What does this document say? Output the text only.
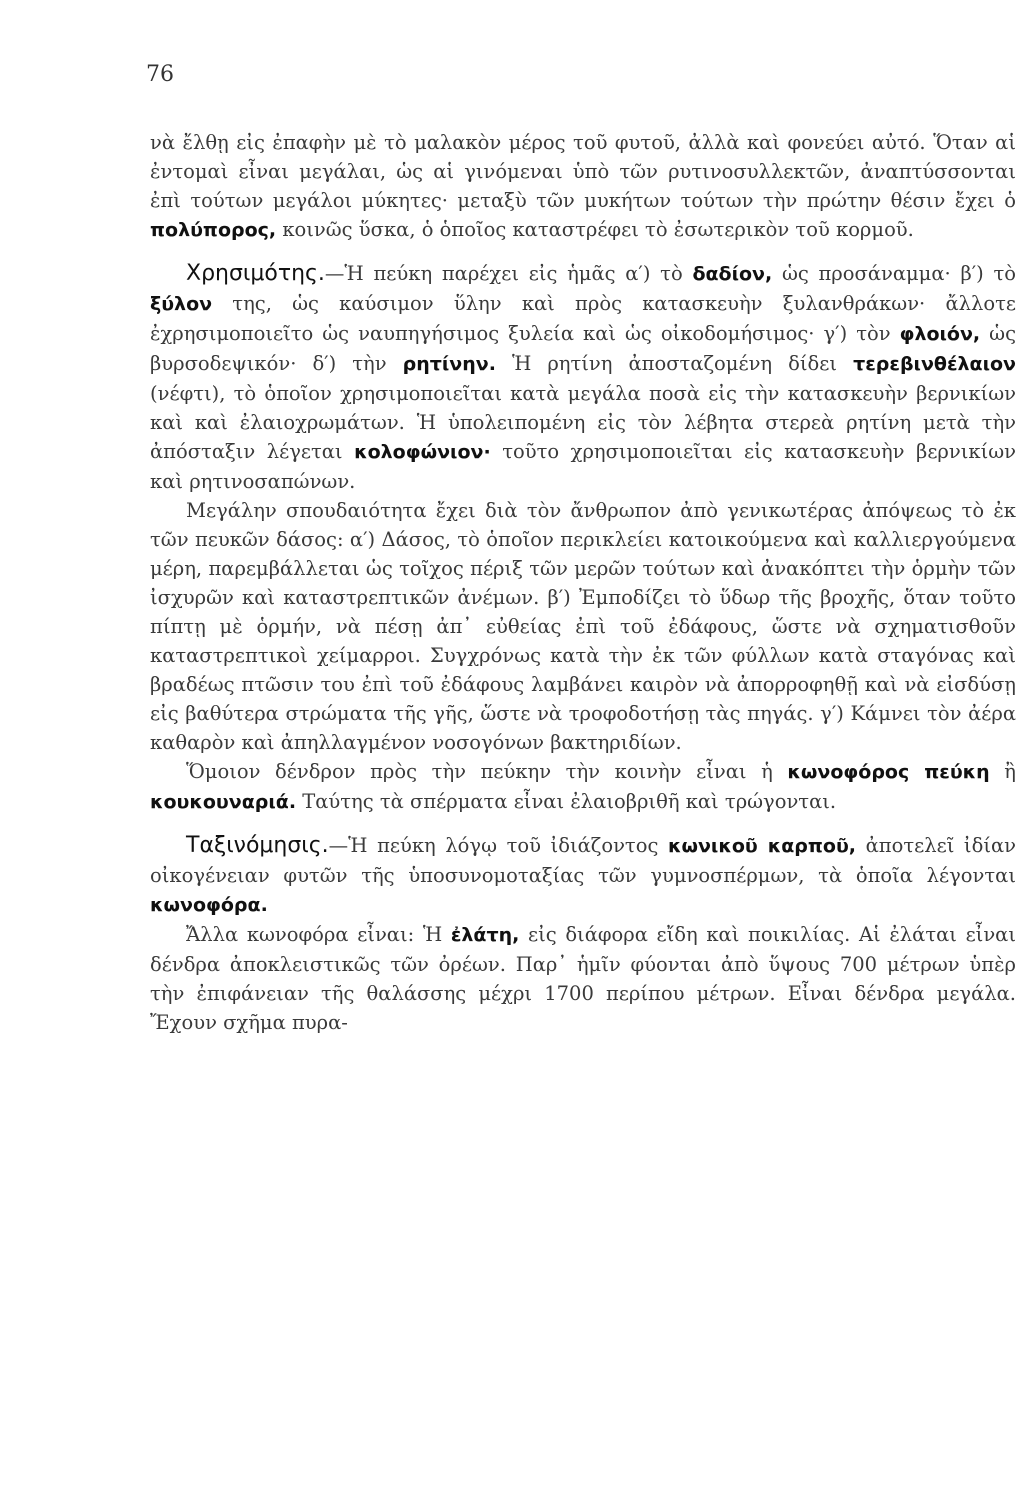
76

νὰ ἔλθῃ εἰς ἐπαφὴν μὲ τὸ μαλακὸν μέρος τοῦ φυτοῦ, ἀλλὰ καὶ φονεύει αὐτό. Ὅταν αἱ ἐντομαὶ εἶναι μεγάλαι, ὡς αἱ γινόμεναι ὑπὸ τῶν ρυτινοσυλλεκτῶν, ἀναπτύσσονται ἐπὶ τούτων μεγάλοι μύκητες· μεταξὺ τῶν μυκήτων τούτων τὴν πρώτην θέσιν ἔχει ὁ πολύπορος, κοινῶς ὕσκα, ὁ ὁποῖος καταστρέφει τὸ ἐσωτερικὸν τοῦ κορμοῦ.

Χρησιμότης.—Ἡ πεύκη παρέχει εἰς ἡμᾶς α′) τὸ δαδίον, ὡς προσάναμμα· β′) τὸ ξύλον της, ὡς καύσιμον ὕλην καὶ πρὸς κατασκευὴν ξυλανθράκων· ἄλλοτε ἐχρησιμοποιεῖτο ὡς ναυπηγήσιμος ξυλεία καὶ ὡς οἰκοδομήσιμος· γ′) τὸν φλοιόν, ὡς βυρσοδεψικόν· δ′) τὴν ρητίνην. Ἡ ρητίνη ἀποσταζομένη δίδει τερεβινθέλαιον (νέφτι), τὸ ὁποῖον χρησιμοποιεῖται κατὰ μεγάλα ποσὰ εἰς τὴν κατασκευὴν βερνικίων καὶ καὶ ἐλαιοχρωμάτων. Ἡ ὑπολειπομένη εἰς τὸν λέβητα στερεὰ ρητίνη μετὰ τὴν ἀπόσταξιν λέγεται κολοφώνιον· τοῦτο χρησιμοποιεῖται εἰς κατασκευὴν βερνικίων καὶ ρητινοσαπώνων.

Μεγάλην σπουδαιότητα ἔχει διὰ τὸν ἄνθρωπον ἀπὸ γενικωτέρας ἀπόψεως τὸ ἐκ τῶν πευκῶν δάσος: α′) Δάσος, τὸ ὁποῖον περικλείει κατοικούμενα καὶ καλλιεργούμενα μέρη, παρεμβάλλεται ὡς τοῖχος πέριξ τῶν μερῶν τούτων καὶ ἀνακόπτει τὴν ὁρμὴν τῶν ἰσχυρῶν καὶ καταστρεπτικῶν ἀνέμων. β′) Ἐμποδίζει τὸ ὕδωρ τῆς βροχῆς, ὅταν τοῦτο πίπτῃ μὲ ὁρμήν, νὰ πέσῃ ἀπ᾿ εὐθείας ἐπὶ τοῦ ἐδάφους, ὥστε νὰ σχηματισθοῦν καταστρεπτικοὶ χείμαρροι. Συγχρόνως κατὰ τὴν ἐκ τῶν φύλλων κατὰ σταγόνας καὶ βραδέως πτῶσιν του ἐπὶ τοῦ ἐδάφους λαμβάνει καιρὸν νὰ ἀπορροφηθῇ καὶ νὰ εἰσδύσῃ εἰς βαθύτερα στρώματα τῆς γῆς, ὥστε νὰ τροφοδοτήσῃ τὰς πηγάς. γ′) Κάμνει τὸν ἀέρα καθαρὸν καὶ ἀπηλλαγμένον νοσογόνων βακτηριδίων.

Ὅμοιον δένδρον πρὸς τὴν πεύκην τὴν κοινὴν εἶναι ἡ κωνοφόρος πεύκη ἢ κουκουναριά. Ταύτης τὰ σπέρματα εἶναι ἐλαιοβριθῆ καὶ τρώγονται.

Ταξινόμησις.—Ἡ πεύκη λόγῳ τοῦ ἰδιάζοντος κωνικοῦ καρποῦ, ἀποτελεῖ ἰδίαν οἰκογένειαν φυτῶν τῆς ὑποσυνομοταξίας τῶν γυμνοσπέρμων, τὰ ὁποῖα λέγονται κωνοφόρα.

Ἄλλα κωνοφόρα εἶναι: Ἡ ἐλάτη, εἰς διάφορα εἴδη καὶ ποικιλίας. Αἱ ἐλάται εἶναι δένδρα ἀποκλειστικῶς τῶν ὀρέων. Παρ᾿ ἡμῖν φύονται ἀπὸ ὕψους 700 μέτρων ὑπὲρ τὴν ἐπιφάνειαν τῆς θαλάσσης μέχρι 1700 περίπου μέτρων. Εἶναι δένδρα μεγάλα. Ἔχουν σχῆμα πυρα-
